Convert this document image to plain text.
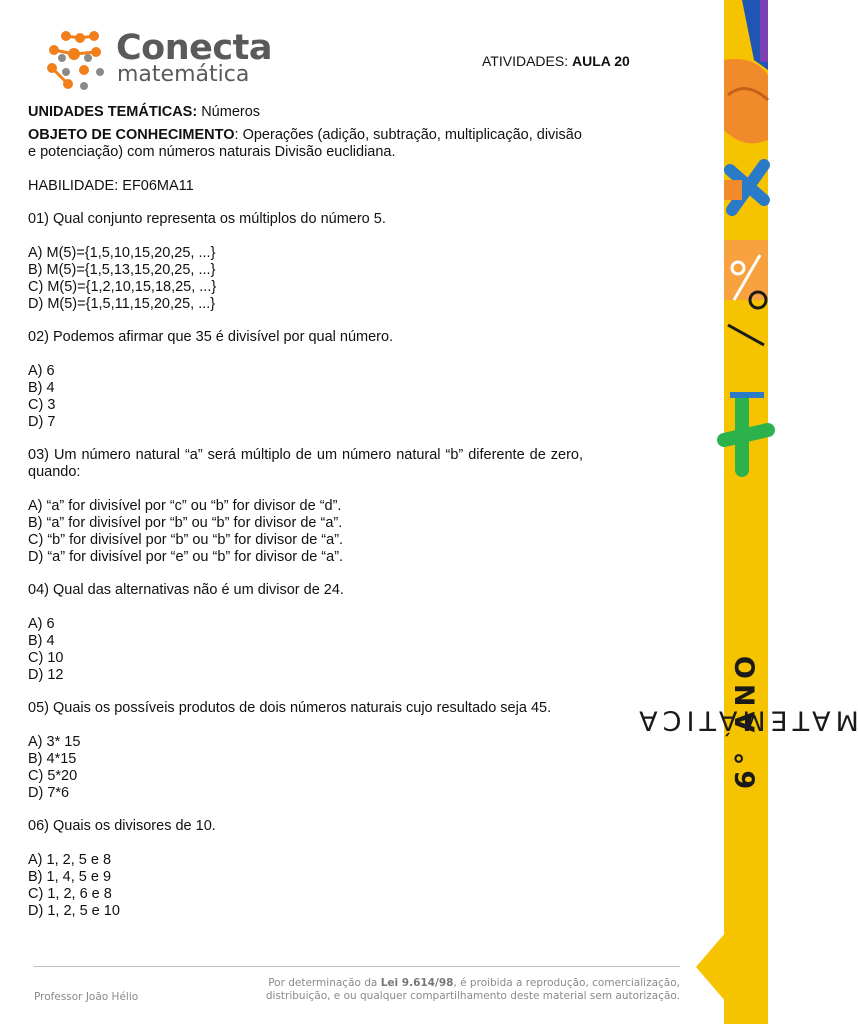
Conecta
matemática
ATIVIDADES: AULA 20

UNIDADES TEMÁTICAS: Números

OBJETO DE CONHECIMENTO: Operações (adição, subtração, multiplicação, divisão e potenciação) com números naturais Divisão euclidiana.

HABILIDADE: EF06MA11

01) Qual conjunto representa os múltiplos do número 5.

A) M(5)={1,5,10,15,20,25, ...}

B) M(5)={1,5,13,15,20,25, ...}

C) M(5)={1,2,10,15,18,25, ...}

D) M(5)={1,5,11,15,20,25, ...}

02) Podemos afirmar que 35 é divisível por qual número.

A) 6

B) 4

C) 3

D) 7

03) Um número natural “a” será múltiplo de um número natural “b” diferente de zero, quando:

A) “a” for divisível por “c” ou “b” for divisor de “d”.

B) “a” for divisível por “b” ou “b” for divisor de “a”.

C) “b” for divisível por “b” ou “b” for divisor de “a”.

D) “a” for divisível por “e” ou “b” for divisor de “a”.

04) Qual das alternativas não é um divisor de 24.

A) 6

B) 4

C) 10

D) 12

05) Quais os possíveis produtos de dois números naturais cujo resultado seja 45.

A) 3* 15

B) 4*15

C) 5*20

D) 7*6

06) Quais os divisores de 10.

A) 1, 2, 5 e 8

B) 1, 4, 5 e 9

C) 1, 2, 6 e 8

D) 1, 2, 5 e 10

MATEMÁTICA
6° ANO
Professor João Hélio
Por determinação da Lei 9.614/98, é proibida a reprodução, comercialização,
distribuição, e ou qualquer compartilhamento deste material sem autorização.
